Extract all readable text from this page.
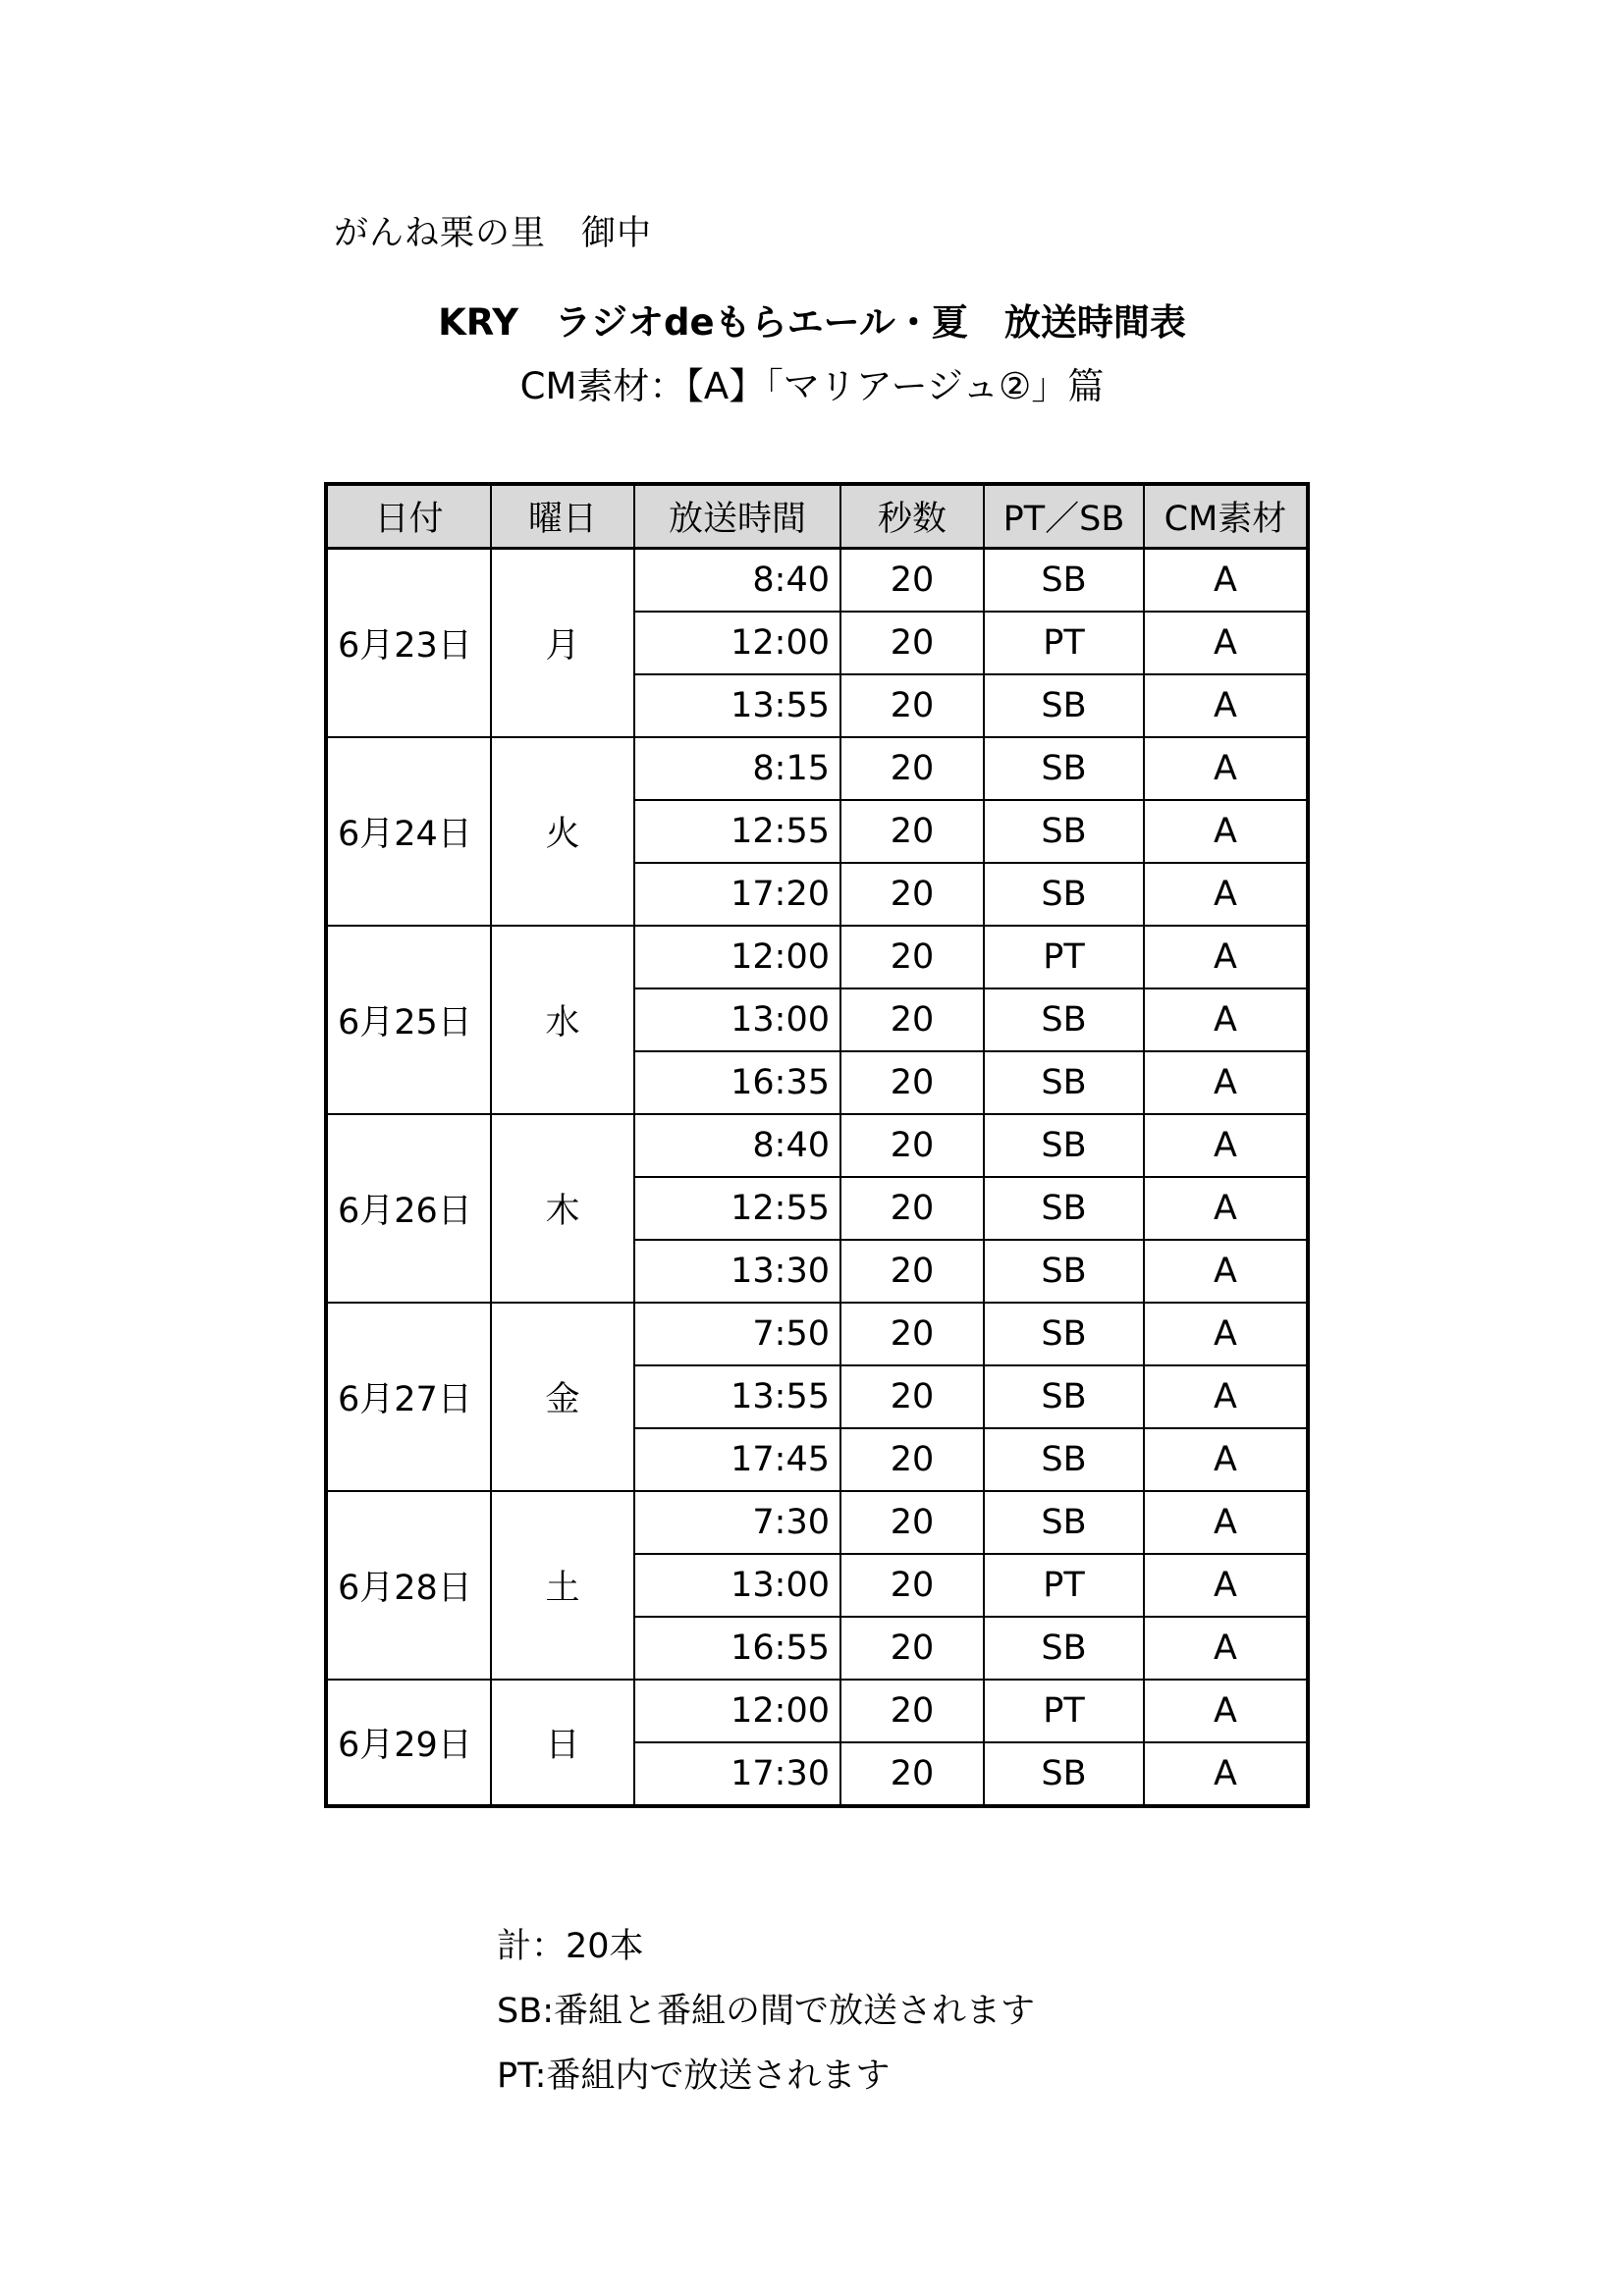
がんね栗の里　御中
KRY　ラジオdeもらエール・夏　放送時間表
CM素材：【A】「マリアージュ②」篇
日付	曜日	放送時間	秒数	PT／SB	CM素材
6月23日	月	8:40	20	SB	A
		12:00	20	PT	A
		13:55	20	SB	A
6月24日	火	8:15	20	SB	A
		12:55	20	SB	A
		17:20	20	SB	A
6月25日	水	12:00	20	PT	A
		13:00	20	SB	A
		16:35	20	SB	A
6月26日	木	8:40	20	SB	A
		12:55	20	SB	A
		13:30	20	SB	A
6月27日	金	7:50	20	SB	A
		13:55	20	SB	A
		17:45	20	SB	A
6月28日	土	7:30	20	SB	A
		13:00	20	PT	A
		16:55	20	SB	A
6月29日	日	12:00	20	PT	A
		17:30	20	SB	A
計：20本
SB:番組と番組の間で放送されます
PT:番組内で放送されます
